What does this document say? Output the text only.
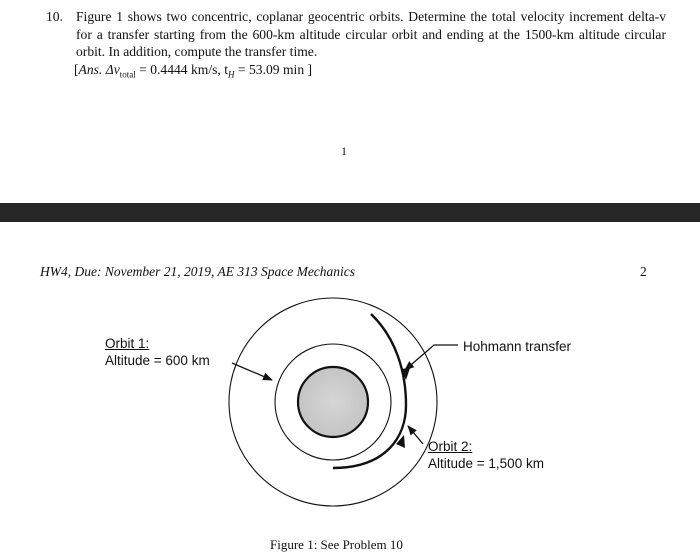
10. Figure 1 shows two concentric, coplanar geocentric orbits. Determine the total velocity increment delta-v for a transfer starting from the 600-km altitude circular orbit and ending at the 1500-km altitude circular orbit. In addition, compute the transfer time.
[Ans. $\Delta v_{total} = 0.4444$ km/s, $t_H = 53.09$ min ]
1
HW4, Due: November 21, 2019, AE 313 Space Mechanics	2
Orbit 1:
Altitude = 600 km
Hohmann transfer
Orbit 2:
Altitude = 1,500 km
Figure 1: See Problem 10
